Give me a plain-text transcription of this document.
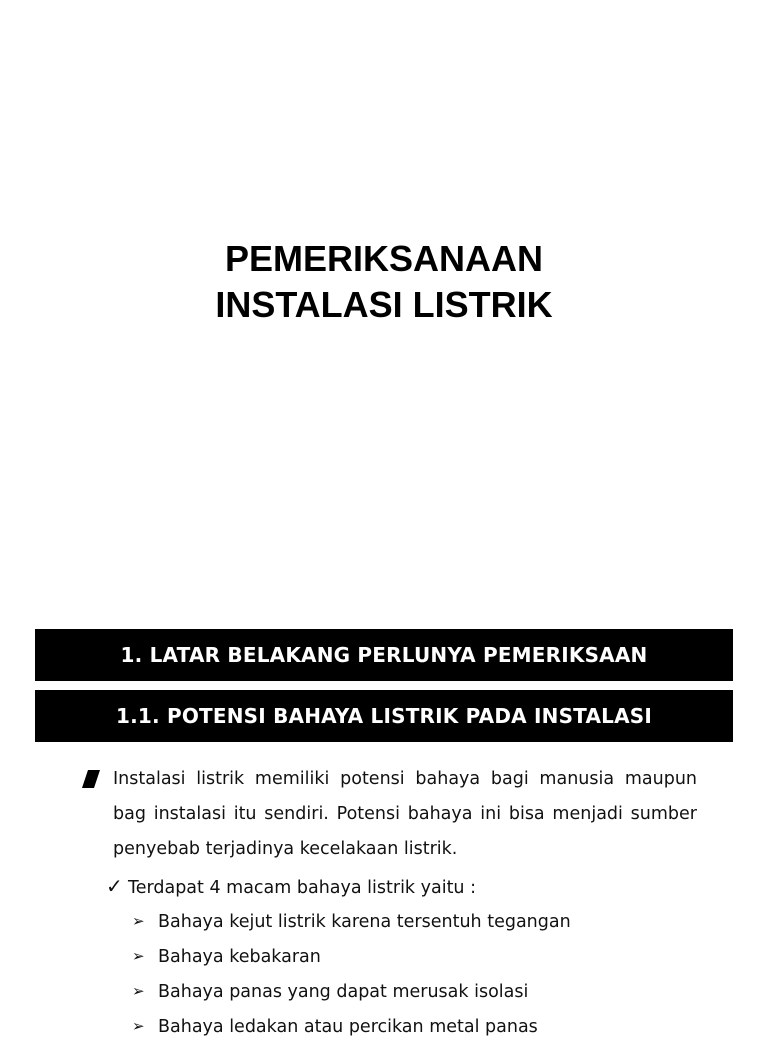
PEMERIKSANAAN
INSTALASI LISTRIK
1. LATAR BELAKANG PERLUNYA PEMERIKSAAN
1.1. POTENSI BAHAYA LISTRIK PADA INSTALASI
Instalasi listrik memiliki potensi bahaya bagi manusia maupun bag instalasi itu sendiri. Potensi bahaya ini bisa menjadi sumber penyebab terjadinya kecelakaan listrik.
✓ Terdapat 4 macam bahaya listrik yaitu :
➢ Bahaya kejut listrik karena tersentuh tegangan
➢ Bahaya kebakaran
➢ Bahaya panas yang dapat merusak isolasi
➢ Bahaya ledakan atau percikan metal panas
